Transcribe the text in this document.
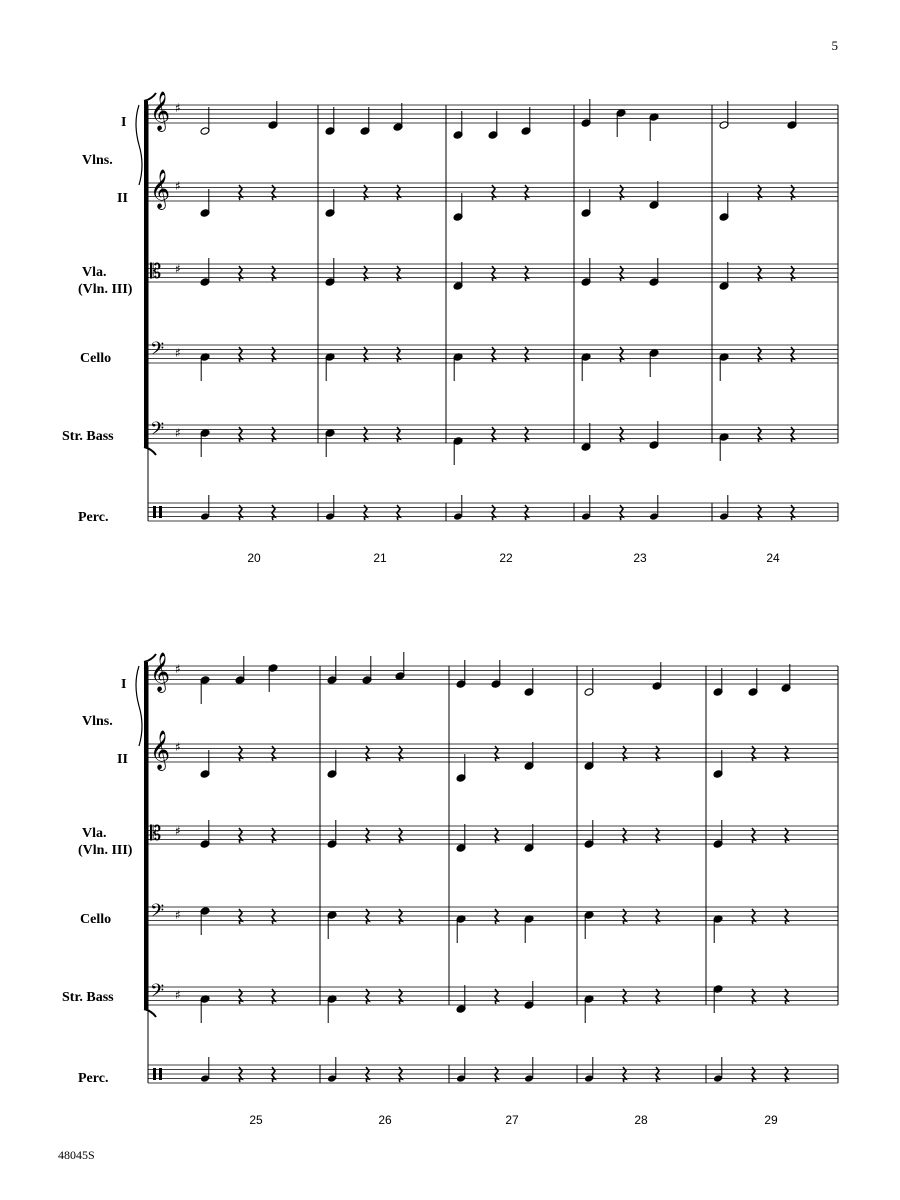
5
48045S
I
Vlns.
II
Vla.
(Vln. III)
Cello
Str. Bass
Perc.
I
Vlns.
II
Vla.
(Vln. III)
Cello
Str. Bass
Perc.
20	21	22	23	24
25	26	27	28	29
𝄞 ♯
𝄞 ♯
𝄡 ♯
𝄢 ♯
𝄢 ♯
𝄞 ♯
𝄞 ♯
𝄡 ♯
𝄢 ♯
𝄢 ♯
